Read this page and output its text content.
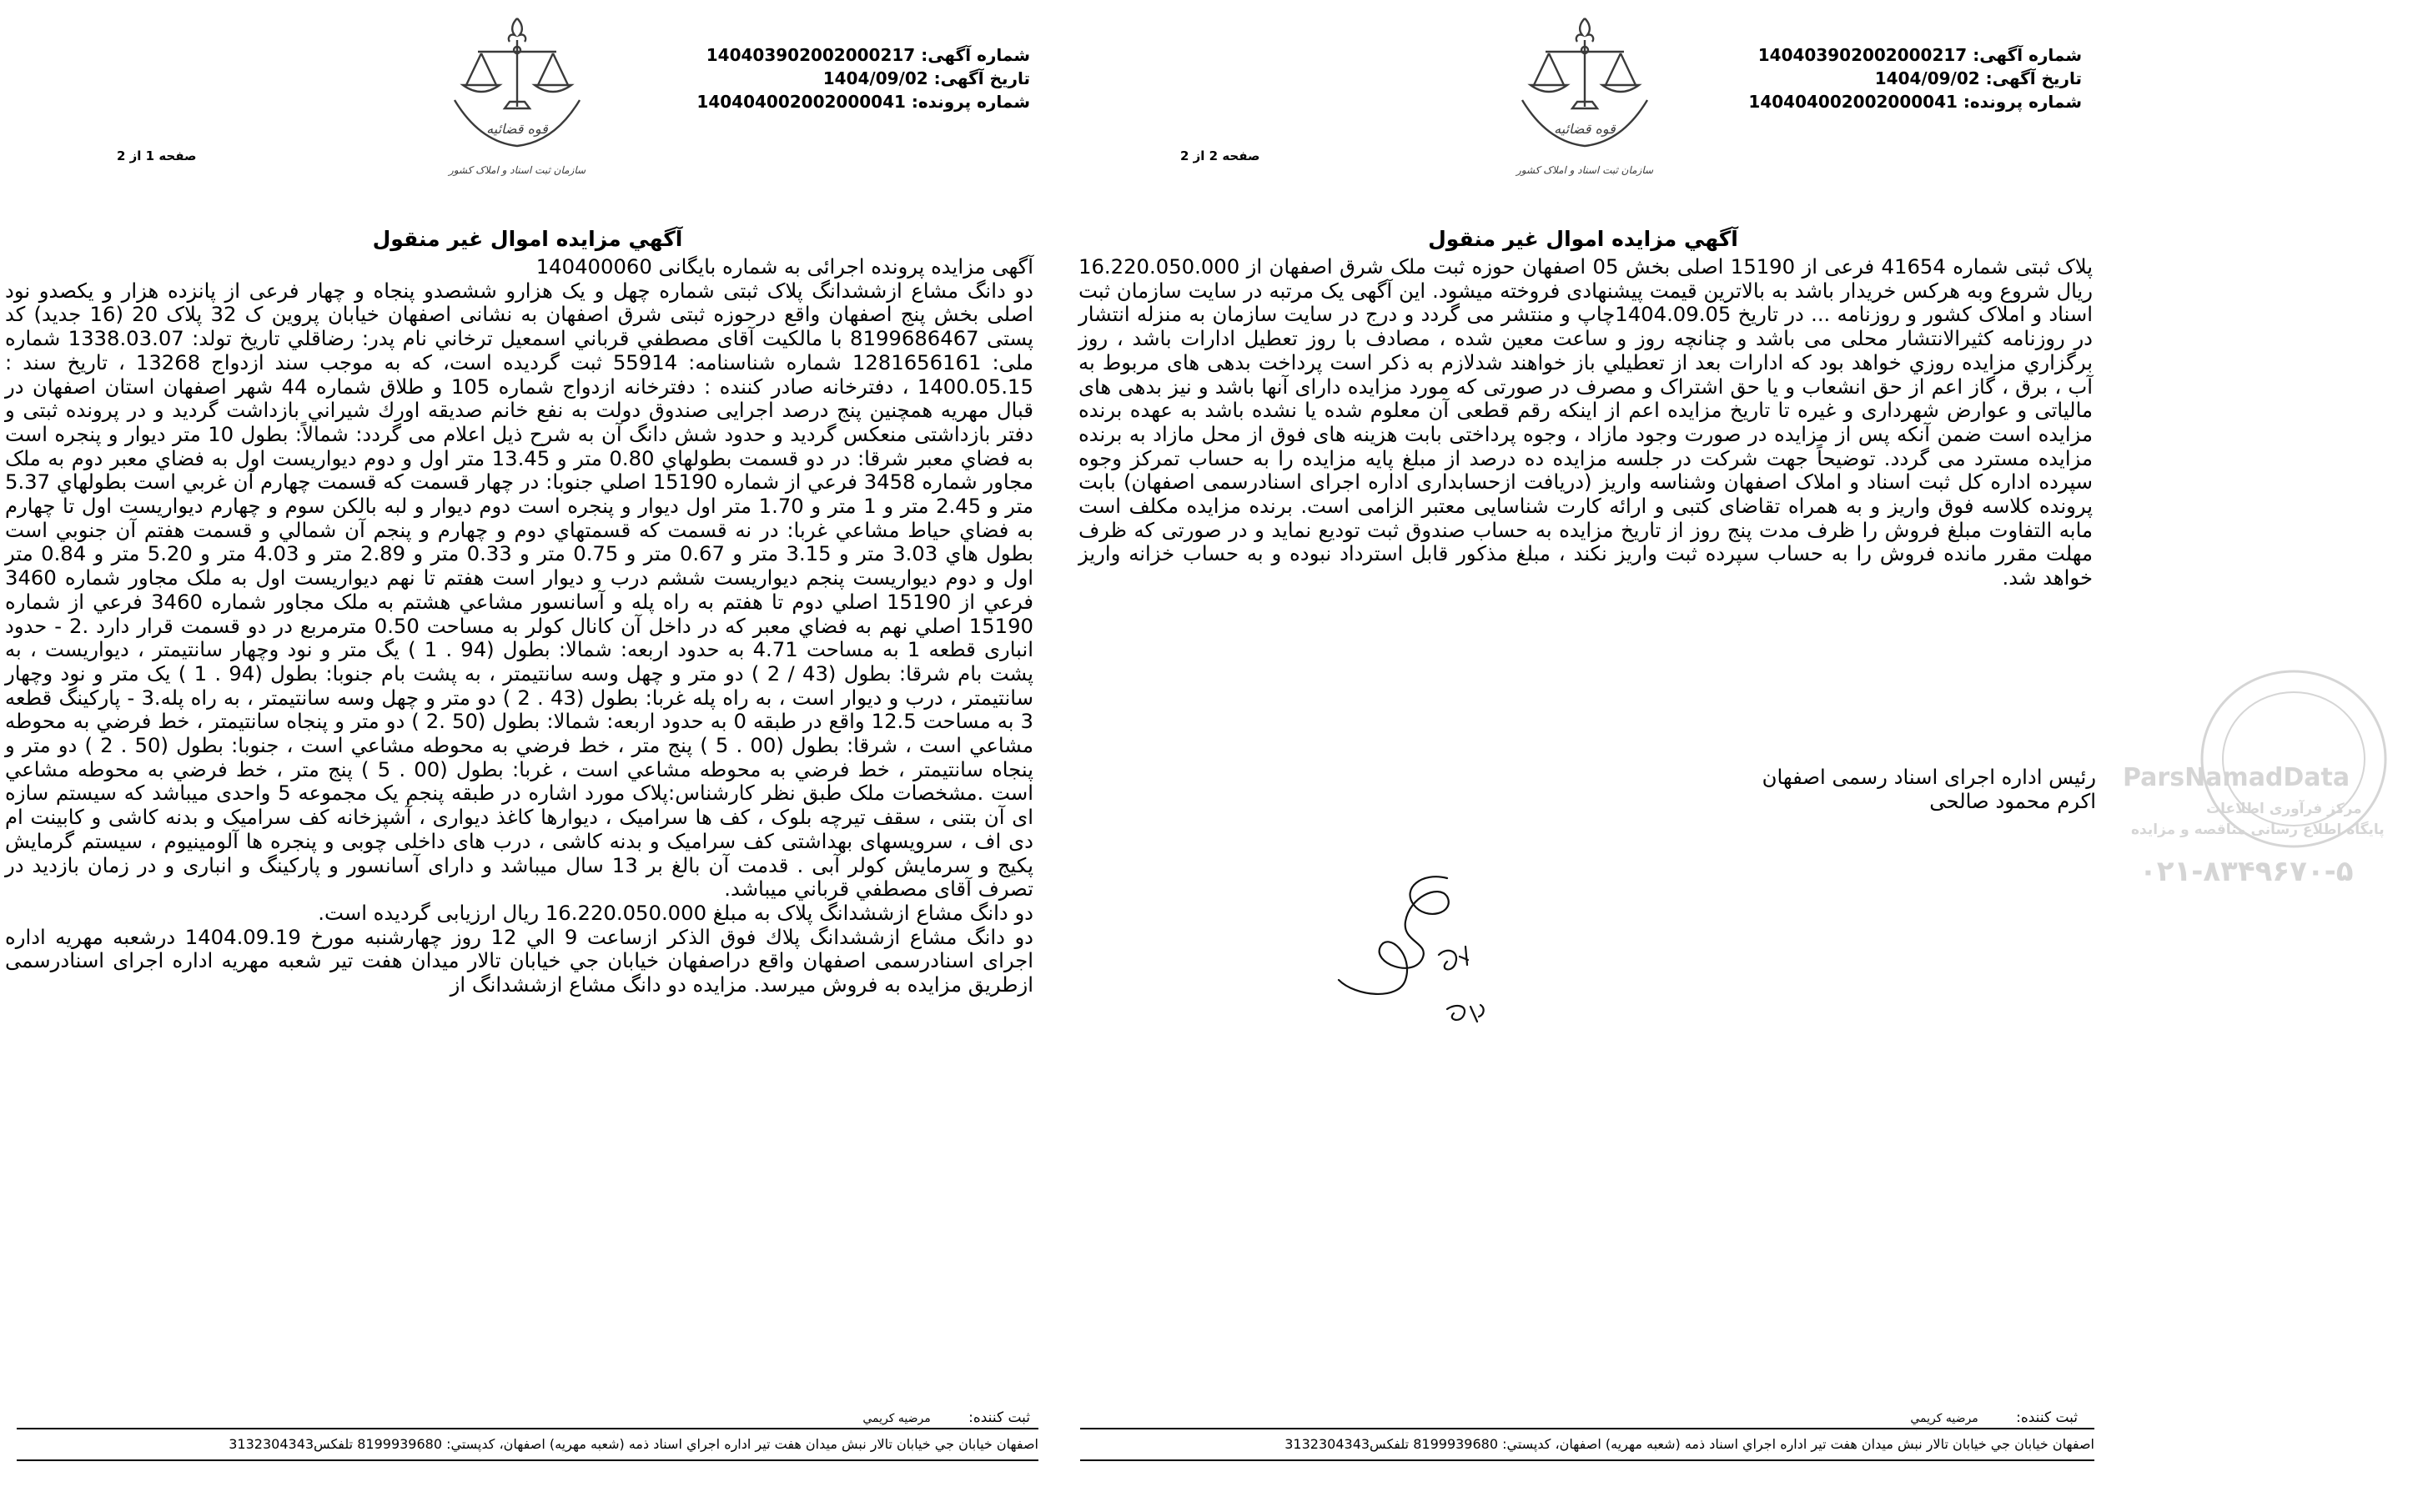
شماره آگهی: 140403902002000217
تاریخ آگهی: 1404/09/02
شماره پرونده: 140404002002000041
قوه قضائیه
سازمان ثبت اسناد و املاک کشور
صفحه 1 از 2
آگهي مزايده اموال غير منقول

آگهی مزایده پرونده اجرائی به شماره بایگانی 140400060

دو دانگ مشاع ازششدانگ پلاک ثبتی شماره چهل و یک هزارو ششصدو پنجاه و چهار فرعی از پانزده هزار و یکصدو نود اصلی بخش پنج اصفهان واقع درحوزه ثبتی شرق اصفهان به نشانی اصفهان خیابان پروین ک 32 پلاک 20 (16 جدید) کد پستی 8199686467 با مالکیت آقای مصطفي قرباني اسمعيل ترخاني نام پدر: رضاقلي تاريخ تولد: 1338.03.07 شماره ملی: 1281656161 شماره شناسنامه: 55914 ثبت گردیده است، که به موجب سند ازدواج 13268 ، تاریخ سند : 1400.05.15 ، دفترخانه صادر کننده : دفترخانه ازدواج شماره 105 و طلاق شماره 44 شهر اصفهان استان اصفهان در قبال مهریه همچنین پنج درصد اجرایی صندوق دولت به نفع خانم صديقه اورك شيراني بازداشت گردید و در پرونده ثبتی و دفتر بازداشتی منعکس گردید و حدود شش دانگ آن به شرح ذیل اعلام می گردد: شمالاً: بطول 10 متر ديوار و پنجره است به فضاي معبر شرقا: در دو قسمت بطولهاي 0.80 متر و 13.45 متر اول و دوم ديواريست اول به فضاي معبر دوم به ملک مجاور شماره 3458 فرعي از شماره 15190 اصلي جنوبا: در چهار قسمت که قسمت چهارم آن غربي است بطولهاي 5.37 متر و 2.45 متر و 1 متر و 1.70 متر اول ديوار و پنجره است دوم ديوار و لبه بالكن سوم و چهارم ديواريست اول تا چهارم به فضاي حياط مشاعي غربا: در نه قسمت كه قسمتهاي دوم و چهارم و پنجم آن شمالي و قسمت هفتم آن جنوبي است بطول هاي 3.03 متر و 3.15 متر و 0.67 متر و 0.75 متر و 0.33 متر و 2.89 متر و 4.03 متر و 5.20 متر و 0.84 متر اول و دوم ديواريست پنجم ديواريست ششم درب و ديوار است هفتم تا نهم ديواريست اول به ملک مجاور شماره 3460 فرعي از 15190 اصلي دوم تا هفتم به راه پله و آسانسور مشاعي هشتم به ملک مجاور شماره 3460 فرعي از شماره 15190 اصلي نهم به فضاي معبر كه در داخل آن كانال كولر به مساحت 0.50 مترمربع در دو قسمت قرار دارد .2 - حدود انباری قطعه 1 به مساحت 4.71 به حدود اربعه: شمالا: بطول (94 . 1 ) یگ متر و نود وچهار سانتیمتر ، دیواریست ، به پشت بام شرقا: بطول (43 / 2 ) دو متر و چهل وسه سانتیمتر ، به پشت بام جنوبا: بطول (94 . 1 ) یک متر و نود وچهار سانتیمتر ، درب و دیوار است ، به راه پله غربا: بطول (43 . 2 ) دو متر و چهل وسه سانتیمتر ، به راه پله.3 - پارکینگ قطعه 3 به مساحت 12.5 واقع در طبقه 0 به حدود اربعه: شمالا: بطول (50 .2 ) دو متر و پنجاه سانتیمتر ، خط فرضي به محوطه مشاعي است ، شرقا: بطول (00 . 5 ) پنج متر ، خط فرضي به محوطه مشاعي است ، جنوبا: بطول (50 . 2 ) دو متر و پنجاه سانتیمتر ، خط فرضي به محوطه مشاعي است ، غربا: بطول (00 . 5 ) پنج متر ، خط فرضي به محوطه مشاعي است .مشخصات ملک طبق نظر کارشناس:پلاک مورد اشاره در طبقه پنجم یک مجموعه 5 واحدی میباشد که سیستم سازه ای آن بتنی ، سقف تیرچه بلوک ، کف ها سرامیک ، دیوارها کاغذ دیواری ، آشپزخانه کف سرامیک و بدنه کاشی و کابینت ام دی اف ، سرویسهای بهداشتی کف سرامیک و بدنه کاشی ، درب های داخلی چوبی و پنجره ها آلومینیوم ، سیستم گرمایش پکیج و سرمایش کولر آبی . قدمت آن بالغ بر 13 سال میباشد و دارای آسانسور و پارکینگ و انباری و در زمان بازدید در تصرف آقای مصطفي قرباني میباشد.

دو دانگ مشاع ازششدانگ پلاک به مبلغ 16.220.050.000 ریال ارزیابی گردیده است.

دو دانگ مشاع ازششدانگ پلاك فوق الذكر ازساعت 9 الي 12 روز چهارشنبه مورخ 1404.09.19 درشعبه مهریه اداره اجرای اسنادرسمی اصفهان واقع دراصفهان خيابان جي خيابان تالار ميدان هفت تير شعبه مهریه اداره اجرای اسنادرسمی ازطریق مزایده به فروش میرسد. مزایده دو دانگ مشاع ازششدانگ از

ثبت کننده: مرضیه کریمي
اصفهان خيابان جي خيابان تالار نبش ميدان هفت تير اداره اجراي اسناد ذمه (شعبه مهريه) اصفهان، كدپستي: 8199939680 تلفكس3132304343
شماره آگهی: 140403902002000217
تاریخ آگهی: 1404/09/02
شماره پرونده: 140404002002000041
قوه قضائیه
سازمان ثبت اسناد و املاک کشور
صفحه 2 از 2
آگهي مزايده اموال غير منقول

پلاک ثبتی شماره 41654 فرعی از 15190 اصلی بخش 05 اصفهان حوزه ثبت ملک شرق اصفهان از 16.220.050.000 ریال شروع وبه هرکس خریدار باشد به بالاترین قیمت پیشنهادی فروخته میشود. این آگهی یک مرتبه در سایت سازمان ثبت اسناد و املاک کشور و روزنامه ... در تاریخ 1404.09.05چاپ و منتشر می گردد و درج در سایت سازمان به منزله انتشار در روزنامه کثیرالانتشار محلی می باشد و چنانچه روز و ساعت معین شده ، مصادف با روز تعطیل ادارات باشد ، روز برگزاري مزايده روزي خواهد بود كه ادارات بعد از تعطیلي باز خواهند شدلازم به ذکر است پرداخت بدهی های مربوط به آب ، برق ، گاز اعم از حق انشعاب و یا حق اشتراک و مصرف در صورتی که مورد مزایده دارای آنها باشد و نیز بدهی های مالیاتی و عوارض شهرداری و غیره تا تاریخ مزایده اعم از اینکه رقم قطعی آن معلوم شده یا نشده باشد به عهده برنده مزایده است ضمن آنكه پس از مزایده در صورت وجود مازاد ، وجوه پرداختی بابت هزینه های فوق از محل مازاد به برنده مزایده مسترد می گردد. توضیحاً جهت شرکت در جلسه مزایده ده درصد از مبلغ پایه مزایده را به حساب تمرکز وجوه سپرده اداره کل ثبت اسناد و املاک اصفهان وشناسه واريز (دریافت ازحسابداری اداره اجرای اسنادرسمی اصفهان) بابت پرونده کلاسه فوق واریز و به همراه تقاضای کتبی و ارائه کارت شناسایی معتبر الزامی است. برنده مزایده مکلف است مابه التفاوت مبلغ فروش را ظرف مدت پنج روز از تاریخ مزایده به حساب صندوق ثبت تودیع نماید و در صورتی که ظرف مهلت مقرر مانده فروش را به حساب سپرده ثبت واريز نكند ، مبلغ مذکور قابل استرداد نبوده و به حساب خزانه واريز خواهد شد.

رئیس اداره اجرای اسناد رسمی اصفهان
اکرم محمود صالحی
ParsNamadData
مرکز فرآوری اطلاعات
پایگاه اطلاع رسانی مناقصه و مزایده
۰۲۱-۸۳۴۹۶۷۰-۵
ثبت کننده: مرضیه کریمي
اصفهان خيابان جي خيابان تالار نبش ميدان هفت تير اداره اجراي اسناد ذمه (شعبه مهريه) اصفهان، كدپستي: 8199939680 تلفكس3132304343
